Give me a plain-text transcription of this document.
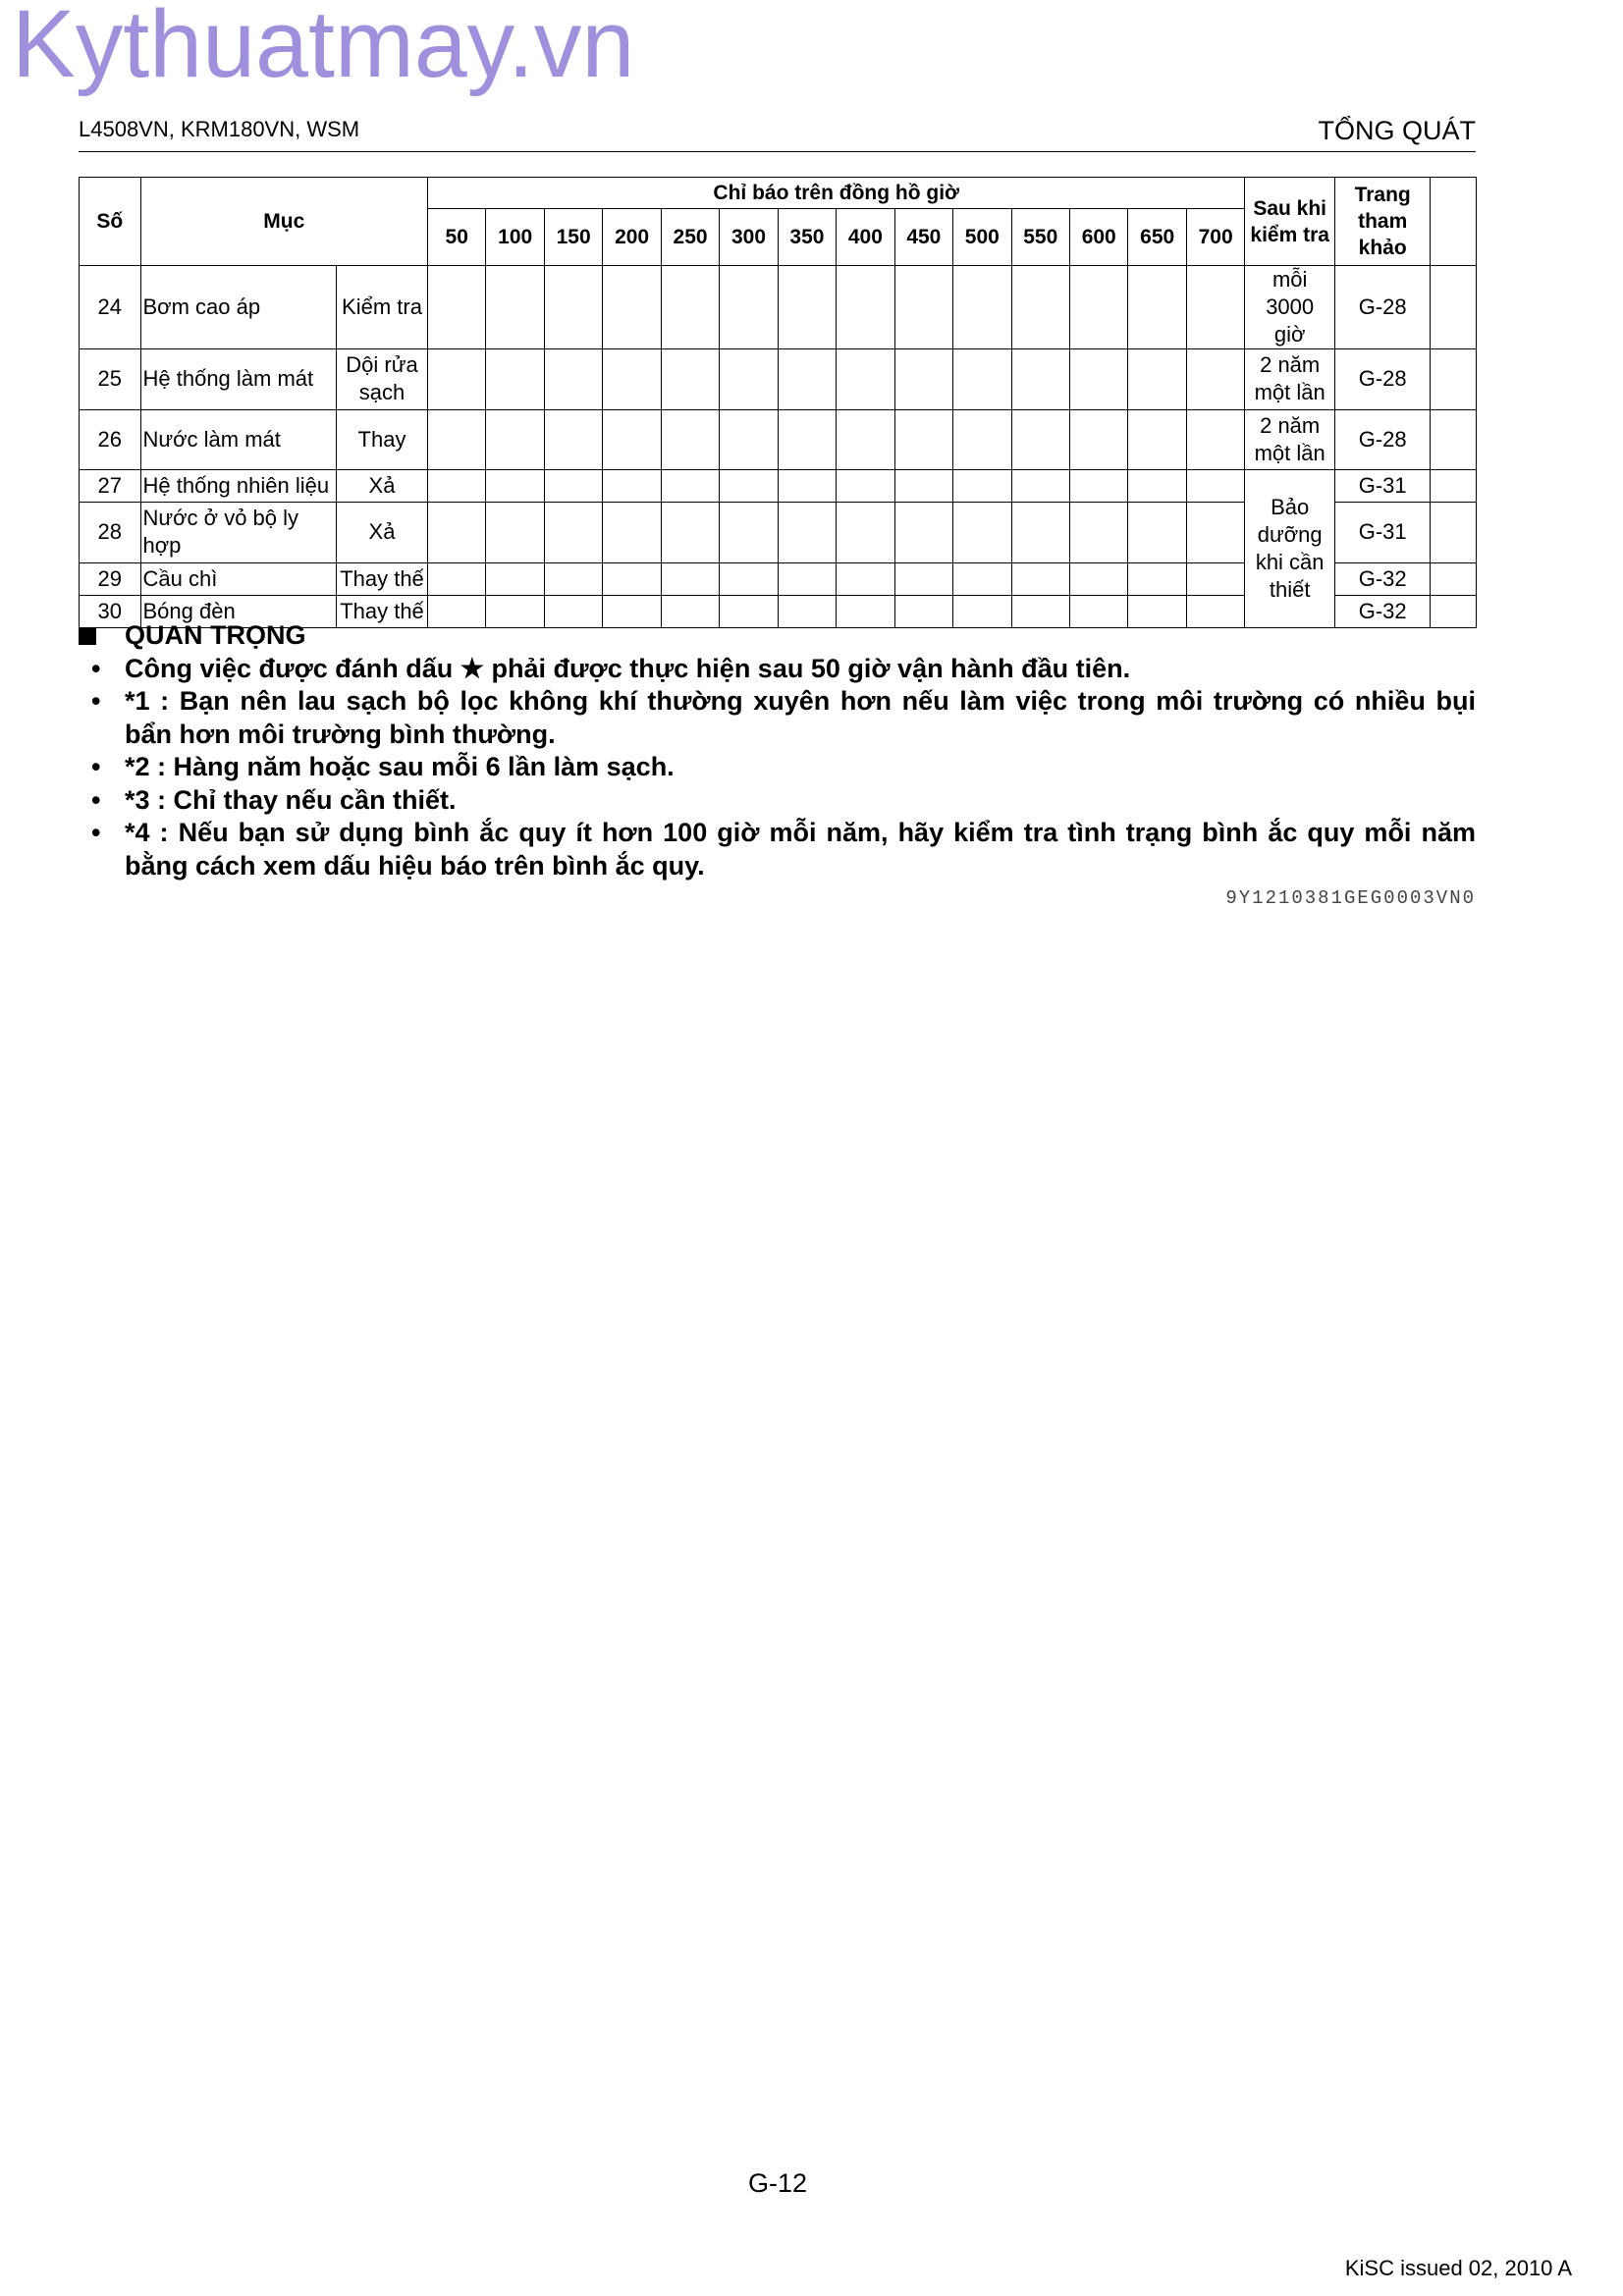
Kythuatmay.vn
L4508VN, KRM180VN, WSM	TỔNG QUÁT
Số	Mục		Chỉ báo trên đồng hồ giờ														Sau khi kiểm tra	Trang tham khảo	
			50	100	150	200	250	300	350	400	450	500	550	600	650	700			
24	Bơm cao áp	Kiểm tra															mỗi 3000 giờ	G-28	
25	Hệ thống làm mát	Dội rửa sạch															2 năm một lần	G-28	
26	Nước làm mát	Thay															2 năm một lần	G-28	
27	Hệ thống nhiên liệu	Xả															Bảo dưỡng khi cần thiết	G-31	
28	Nước ở vỏ bộ ly hợp	Xả																G-31	
29	Cầu chì	Thay thế																G-32	
30	Bóng đèn	Thay thế																G-32	
QUAN TRỌNG
• Công việc được đánh dấu ★ phải được thực hiện sau 50 giờ vận hành đầu tiên.
• *1 : Bạn nên lau sạch bộ lọc không khí thường xuyên hơn nếu làm việc trong môi trường có nhiều bụi
bẩn hơn môi trường bình thường.
• *2 : Hàng năm hoặc sau mỗi 6 lần làm sạch.
• *3 : Chỉ thay nếu cần thiết.
• *4 : Nếu bạn sử dụng bình ắc quy ít hơn 100 giờ mỗi năm, hãy kiểm tra tình trạng bình ắc quy mỗi năm
bằng cách xem dấu hiệu báo trên bình ắc quy.
9Y1210381GEG0003VN0
G-12
KiSC issued 02, 2010 A
